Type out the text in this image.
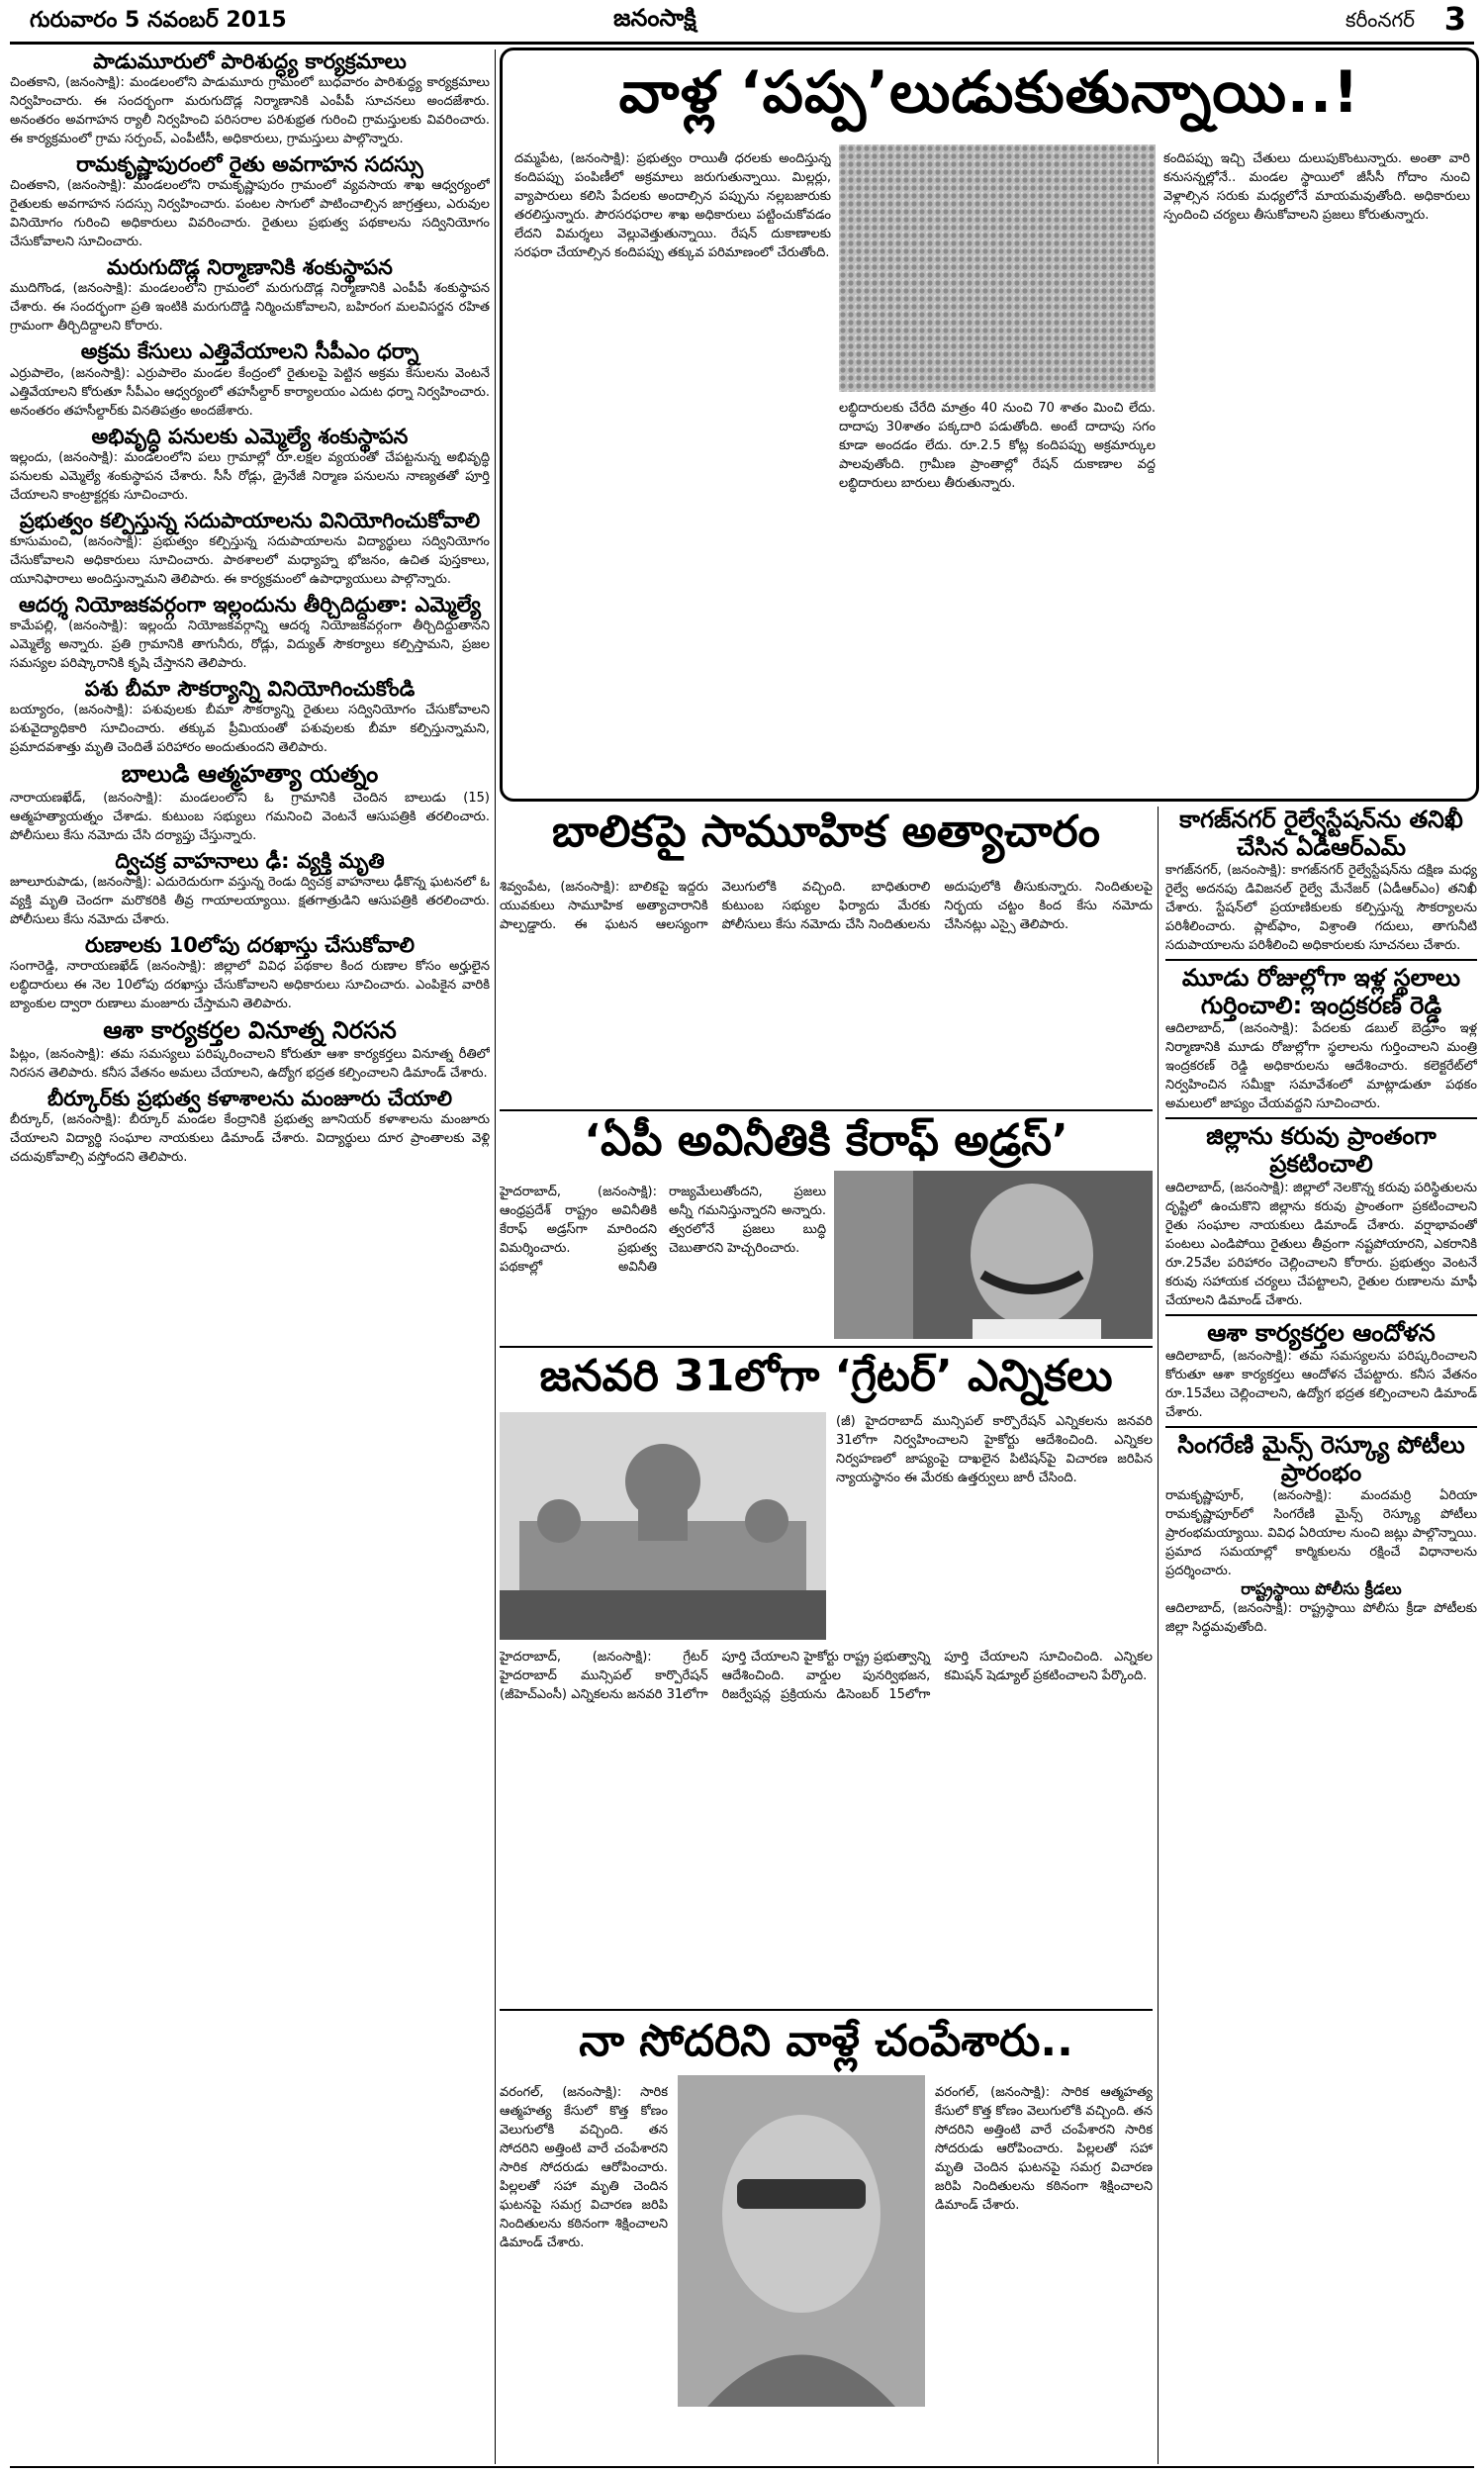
గురువారం 5 నవంబర్ 2015	జనంసాక్షి	కరీంనగర్ 3
పాడుమూరులో పారిశుద్ధ్య కార్యక్రమాలు
చింతకాని, (జనంసాక్షి): మండలంలోని పాడుమూరు గ్రామంలో బుధవారం పారిశుద్ధ్య కార్యక్రమాలు నిర్వహించారు. ఈ సందర్భంగా మరుగుదొడ్ల నిర్మాణానికి ఎంపీపీ సూచనలు అందజేశారు. అనంతరం అవగాహన ర్యాలీ నిర్వహించి పరిసరాల పరిశుభ్రత గురించి గ్రామస్తులకు వివరించారు. ఈ కార్యక్రమంలో గ్రామ సర్పంచ్, ఎంపీటీసీ, అధికారులు, గ్రామస్తులు పాల్గొన్నారు.
రామకృష్ణాపురంలో రైతు అవగాహన సదస్సు
చింతకాని, (జనంసాక్షి): మండలంలోని రామకృష్ణాపురం గ్రామంలో వ్యవసాయ శాఖ ఆధ్వర్యంలో రైతులకు అవగాహన సదస్సు నిర్వహించారు. పంటల సాగులో పాటించాల్సిన జాగ్రత్తలు, ఎరువుల వినియోగం గురించి అధికారులు వివరించారు. రైతులు ప్రభుత్వ పథకాలను సద్వినియోగం చేసుకోవాలని సూచించారు.
మరుగుదొడ్ల నిర్మాణానికి శంకుస్థాపన
ముదిగొండ, (జనంసాక్షి): మండలంలోని గ్రామంలో మరుగుదొడ్ల నిర్మాణానికి ఎంపీపీ శంకుస్థాపన చేశారు. ఈ సందర్భంగా ప్రతి ఇంటికి మరుగుదొడ్డి నిర్మించుకోవాలని, బహిరంగ మలవిసర్జన రహిత గ్రామంగా తీర్చిదిద్దాలని కోరారు.
అక్రమ కేసులు ఎత్తివేయాలని సీపీఎం ధర్నా
ఎర్రుపాలెం, (జనంసాక్షి): ఎర్రుపాలెం మండల కేంద్రంలో రైతులపై పెట్టిన అక్రమ కేసులను వెంటనే ఎత్తివేయాలని కోరుతూ సీపీఎం ఆధ్వర్యంలో తహసీల్దార్ కార్యాలయం ఎదుట ధర్నా నిర్వహించారు. అనంతరం తహసీల్దార్‌కు వినతిపత్రం అందజేశారు.
అభివృద్ధి పనులకు ఎమ్మెల్యే శంకుస్థాపన
ఇల్లందు, (జనంసాక్షి): మండలంలోని పలు గ్రామాల్లో రూ.లక్షల వ్యయంతో చేపట్టనున్న అభివృద్ధి పనులకు ఎమ్మెల్యే శంకుస్థాపన చేశారు. సీసీ రోడ్లు, డ్రైనేజీ నిర్మాణ పనులను నాణ్యతతో పూర్తి చేయాలని కాంట్రాక్టర్లకు సూచించారు.
ప్రభుత్వం కల్పిస్తున్న సదుపాయాలను వినియోగించుకోవాలి
కూసుమంచి, (జనంసాక్షి): ప్రభుత్వం కల్పిస్తున్న సదుపాయాలను విద్యార్థులు సద్వినియోగం చేసుకోవాలని అధికారులు సూచించారు. పాఠశాలలో మధ్యాహ్న భోజనం, ఉచిత పుస్తకాలు, యూనిఫారాలు అందిస్తున్నామని తెలిపారు. ఈ కార్యక్రమంలో ఉపాధ్యాయులు పాల్గొన్నారు.
ఆదర్శ నియోజకవర్గంగా ఇల్లందును తీర్చిదిద్దుతా: ఎమ్మెల్యే
కామేపల్లి, (జనంసాక్షి): ఇల్లందు నియోజకవర్గాన్ని ఆదర్శ నియోజకవర్గంగా తీర్చిదిద్దుతానని ఎమ్మెల్యే అన్నారు. ప్రతి గ్రామానికి తాగునీరు, రోడ్లు, విద్యుత్ సౌకర్యాలు కల్పిస్తామని, ప్రజల సమస్యల పరిష్కారానికి కృషి చేస్తానని తెలిపారు.
పశు బీమా సౌకర్యాన్ని వినియోగించుకోండి
బయ్యారం, (జనంసాక్షి): పశువులకు బీమా సౌకర్యాన్ని రైతులు సద్వినియోగం చేసుకోవాలని పశువైద్యాధికారి సూచించారు. తక్కువ ప్రీమియంతో పశువులకు బీమా కల్పిస్తున్నామని, ప్రమాదవశాత్తు మృతి చెందితే పరిహారం అందుతుందని తెలిపారు.
బాలుడి ఆత్మహత్యా యత్నం
నారాయణఖేడ్, (జనంసాక్షి): మండలంలోని ఓ గ్రామానికి చెందిన బాలుడు (15) ఆత్మహత్యాయత్నం చేశాడు. కుటుంబ సభ్యులు గమనించి వెంటనే ఆసుపత్రికి తరలించారు. పోలీసులు కేసు నమోదు చేసి దర్యాప్తు చేస్తున్నారు.
ద్విచక్ర వాహనాలు ఢీ: వ్యక్తి మృతి
జూలూరుపాడు, (జనంసాక్షి): ఎదురెదురుగా వస్తున్న రెండు ద్విచక్ర వాహనాలు ఢీకొన్న ఘటనలో ఓ వ్యక్తి మృతి చెందగా మరొకరికి తీవ్ర గాయాలయ్యాయి. క్షతగాత్రుడిని ఆసుపత్రికి తరలించారు. పోలీసులు కేసు నమోదు చేశారు.
రుణాలకు 10లోపు దరఖాస్తు చేసుకోవాలి
సంగారెడ్డి, నారాయణఖేడ్ (జనంసాక్షి): జిల్లాలో వివిధ పథకాల కింద రుణాల కోసం అర్హులైన లబ్ధిదారులు ఈ నెల 10లోపు దరఖాస్తు చేసుకోవాలని అధికారులు సూచించారు. ఎంపికైన వారికి బ్యాంకుల ద్వారా రుణాలు మంజూరు చేస్తామని తెలిపారు.
ఆశా కార్యకర్తల వినూత్న నిరసన
పిట్లం, (జనంసాక్షి): తమ సమస్యలు పరిష్కరించాలని కోరుతూ ఆశా కార్యకర్తలు వినూత్న రీతిలో నిరసన తెలిపారు. కనీస వేతనం అమలు చేయాలని, ఉద్యోగ భద్రత కల్పించాలని డిమాండ్ చేశారు.
బీర్కూర్‌కు ప్రభుత్వ కళాశాలను మంజూరు చేయాలి
బీర్కూర్, (జనంసాక్షి): బీర్కూర్ మండల కేంద్రానికి ప్రభుత్వ జూనియర్ కళాశాలను మంజూరు చేయాలని విద్యార్థి సంఘాల నాయకులు డిమాండ్ చేశారు. విద్యార్థులు దూర ప్రాంతాలకు వెళ్లి చదువుకోవాల్సి వస్తోందని తెలిపారు.
వాళ్ల ‘పప్ప’లుడుకుతున్నాయి..!
దమ్మపేట, (జనంసాక్షి): ప్రభుత్వం రాయితీ ధరలకు అందిస్తున్న కందిపప్పు పంపిణీలో అక్రమాలు జరుగుతున్నాయి. మిల్లర్లు, వ్యాపారులు కలిసి పేదలకు అందాల్సిన పప్పును నల్లబజారుకు తరలిస్తున్నారు. పౌరసరఫరాల శాఖ అధికారులు పట్టించుకోవడం లేదని విమర్శలు వెల్లువెత్తుతున్నాయి. రేషన్ దుకాణాలకు సరఫరా చేయాల్సిన కందిపప్పు తక్కువ పరిమాణంలో చేరుతోంది.
లబ్ధిదారులకు చేరేది మాత్రం 40 నుంచి 70 శాతం మించి లేదు. దాదాపు 30శాతం పక్కదారి పడుతోంది. అంటే దాదాపు సగం కూడా అందడం లేదు. రూ.2.5 కోట్ల కందిపప్పు అక్రమార్కుల పాలవుతోంది. గ్రామీణ ప్రాంతాల్లో రేషన్ దుకాణాల వద్ద లబ్ధిదారులు బారులు తీరుతున్నారు.
కందిపప్పు ఇచ్చి చేతులు దులుపుకొంటున్నారు. అంతా వారి కనుసన్నల్లోనే.. మండల స్థాయిలో జీసీసీ గోదాం నుంచి వెళ్లాల్సిన సరుకు మధ్యలోనే మాయమవుతోంది. అధికారులు స్పందించి చర్యలు తీసుకోవాలని ప్రజలు కోరుతున్నారు.
బాలికపై సామూహిక అత్యాచారం
శివ్వంపేట, (జనంసాక్షి): బాలికపై ఇద్దరు యువకులు సామూహిక అత్యాచారానికి పాల్పడ్డారు. ఈ ఘటన ఆలస్యంగా వెలుగులోకి వచ్చింది. బాధితురాలి కుటుంబ సభ్యుల ఫిర్యాదు మేరకు పోలీసులు కేసు నమోదు చేసి నిందితులను అదుపులోకి తీసుకున్నారు. నిందితులపై నిర్భయ చట్టం కింద కేసు నమోదు చేసినట్లు ఎస్సై తెలిపారు.
‘ఏపీ అవినీతికి కేరాఫ్ అడ్రస్’
హైదరాబాద్, (జనంసాక్షి): ఆంధ్రప్రదేశ్ రాష్ట్రం అవినీతికి కేరాఫ్ అడ్రస్‌గా మారిందని విమర్శించారు. ప్రభుత్వ పథకాల్లో అవినీతి రాజ్యమేలుతోందని, ప్రజలు అన్నీ గమనిస్తున్నారని అన్నారు. త్వరలోనే ప్రజలు బుద్ధి చెబుతారని హెచ్చరించారు.
జనవరి 31లోగా ‘గ్రేటర్’ ఎన్నికలు
(జీ) హైదరాబాద్ మున్సిపల్ కార్పొరేషన్ ఎన్నికలను జనవరి 31లోగా నిర్వహించాలని హైకోర్టు ఆదేశించింది. ఎన్నికల నిర్వహణలో జాప్యంపై దాఖలైన పిటిషన్‌పై విచారణ జరిపిన న్యాయస్థానం ఈ మేరకు ఉత్తర్వులు జారీ చేసింది.
హైదరాబాద్, (జనంసాక్షి): గ్రేటర్ హైదరాబాద్ మున్సిపల్ కార్పొరేషన్ (జీహెచ్ఎంసీ) ఎన్నికలను జనవరి 31లోగా పూర్తి చేయాలని హైకోర్టు రాష్ట్ర ప్రభుత్వాన్ని ఆదేశించింది. వార్డుల పునర్విభజన, రిజర్వేషన్ల ప్రక్రియను డిసెంబర్ 15లోగా పూర్తి చేయాలని సూచించింది. ఎన్నికల కమిషన్ షెడ్యూల్ ప్రకటించాలని పేర్కొంది.
నా సోదరిని వాళ్లే చంపేశారు..
వరంగల్, (జనంసాక్షి): సారిక ఆత్మహత్య కేసులో కొత్త కోణం వెలుగులోకి వచ్చింది. తన సోదరిని అత్తింటి వారే చంపేశారని సారిక సోదరుడు ఆరోపించారు. పిల్లలతో సహా మృతి చెందిన ఘటనపై సమగ్ర విచారణ జరిపి నిందితులను కఠినంగా శిక్షించాలని డిమాండ్ చేశారు.
వరంగల్, (జనంసాక్షి): సారిక ఆత్మహత్య కేసులో కొత్త కోణం వెలుగులోకి వచ్చింది. తన సోదరిని అత్తింటి వారే చంపేశారని సారిక సోదరుడు ఆరోపించారు. పిల్లలతో సహా మృతి చెందిన ఘటనపై సమగ్ర విచారణ జరిపి నిందితులను కఠినంగా శిక్షించాలని డిమాండ్ చేశారు.
కాగజ్‌నగర్ రైల్వేస్టేషన్‌ను తనిఖీ చేసిన ఏడీఆర్ఎమ్
కాగజ్‌నగర్, (జనంసాక్షి): కాగజ్‌నగర్ రైల్వేస్టేషన్‌ను దక్షిణ మధ్య రైల్వే అదనపు డివిజనల్ రైల్వే మేనేజర్ (ఏడీఆర్ఎం) తనిఖీ చేశారు. స్టేషన్‌లో ప్రయాణికులకు కల్పిస్తున్న సౌకర్యాలను పరిశీలించారు. ప్లాట్‌ఫాం, విశ్రాంతి గదులు, తాగునీటి సదుపాయాలను పరిశీలించి అధికారులకు సూచనలు చేశారు.
మూడు రోజుల్లోగా ఇళ్ల స్థలాలు గుర్తించాలి: ఇంద్రకరణ్ రెడ్డి
ఆదిలాబాద్, (జనంసాక్షి): పేదలకు డబుల్ బెడ్రూం ఇళ్ల నిర్మాణానికి మూడు రోజుల్లోగా స్థలాలను గుర్తించాలని మంత్రి ఇంద్రకరణ్ రెడ్డి అధికారులను ఆదేశించారు. కలెక్టరేట్‌లో నిర్వహించిన సమీక్షా సమావేశంలో మాట్లాడుతూ పథకం అమలులో జాప్యం చేయవద్దని సూచించారు.
జిల్లాను కరువు ప్రాంతంగా ప్రకటించాలి
ఆదిలాబాద్, (జనంసాక్షి): జిల్లాలో నెలకొన్న కరువు పరిస్థితులను దృష్టిలో ఉంచుకొని జిల్లాను కరువు ప్రాంతంగా ప్రకటించాలని రైతు సంఘాల నాయకులు డిమాండ్ చేశారు. వర్షాభావంతో పంటలు ఎండిపోయి రైతులు తీవ్రంగా నష్టపోయారని, ఎకరానికి రూ.25వేల పరిహారం చెల్లించాలని కోరారు. ప్రభుత్వం వెంటనే కరువు సహాయక చర్యలు చేపట్టాలని, రైతుల రుణాలను మాఫీ చేయాలని డిమాండ్ చేశారు.
ఆశా కార్యకర్తల ఆందోళన
ఆదిలాబాద్, (జనంసాక్షి): తమ సమస్యలను పరిష్కరించాలని కోరుతూ ఆశా కార్యకర్తలు ఆందోళన చేపట్టారు. కనీస వేతనం రూ.15వేలు చెల్లించాలని, ఉద్యోగ భద్రత కల్పించాలని డిమాండ్ చేశారు.
సింగరేణి మైన్స్ రెస్క్యూ పోటీలు ప్రారంభం
రామకృష్ణాపూర్, (జనంసాక్షి): మందమర్రి ఏరియా రామకృష్ణాపూర్‌లో సింగరేణి మైన్స్ రెస్క్యూ పోటీలు ప్రారంభమయ్యాయి. వివిధ ఏరియాల నుంచి జట్లు పాల్గొన్నాయి. ప్రమాద సమయాల్లో కార్మికులను రక్షించే విధానాలను ప్రదర్శించారు.
రాష్ట్రస్థాయి పోలీసు క్రీడలు
ఆదిలాబాద్, (జనంసాక్షి): రాష్ట్రస్థాయి పోలీసు క్రీడా పోటీలకు జిల్లా సిద్ధమవుతోంది.
